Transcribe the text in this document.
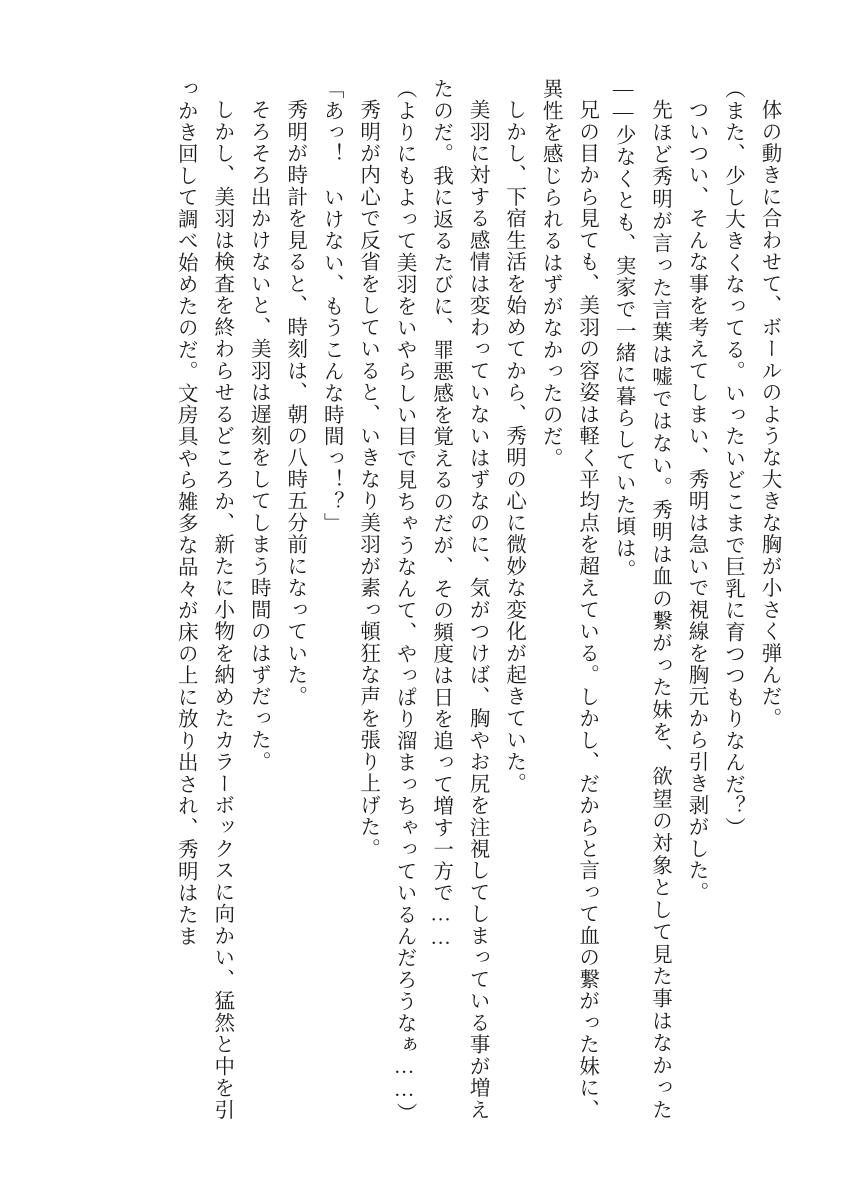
体の動きに合わせて、ボールのような大きな胸が小さく弾んだ。

（また、少し大きくなってる。いったいどこまで巨乳に育つつもりなんだ？）

ついつい、そんな事を考えてしまい、秀明は急いで視線を胸元から引き剥がした。

先ほど秀明が言った言葉は嘘ではない。秀明は血の繋がった妹を、欲望の対象として見た事はなかった――少なくとも、実家で一緒に暮らしていた頃は。

兄の目から見ても、美羽の容姿は軽く平均点を超えている。しかし、だからと言って血の繋がった妹に、異性を感じられるはずがなかったのだ。

しかし、下宿生活を始めてから、秀明の心に微妙な変化が起きていた。

美羽に対する感情は変わっていないはずなのに、気がつけば、胸やお尻を注視してしまっている事が増えたのだ。我に返るたびに、罪悪感を覚えるのだが、その頻度は日を追って増す一方で……

（よりにもよって美羽をいやらしい目で見ちゃうなんて、やっぱり溜まっちゃっているんだろうなぁ……）

秀明が内心で反省をしていると、いきなり美羽が素っ頓狂な声を張り上げた。

「あっ！　いけない、もうこんな時間っ！？」

秀明が時計を見ると、時刻は、朝の八時五分前になっていた。

そろそろ出かけないと、美羽は遅刻をしてしまう時間のはずだった。

しかし、美羽は検査を終わらせるどころか、新たに小物を納めたカラーボックスに向かい、猛然と中を引っかき回して調べ始めたのだ。文房具やら雑多な品々が床の上に放り出され、秀明はたま
